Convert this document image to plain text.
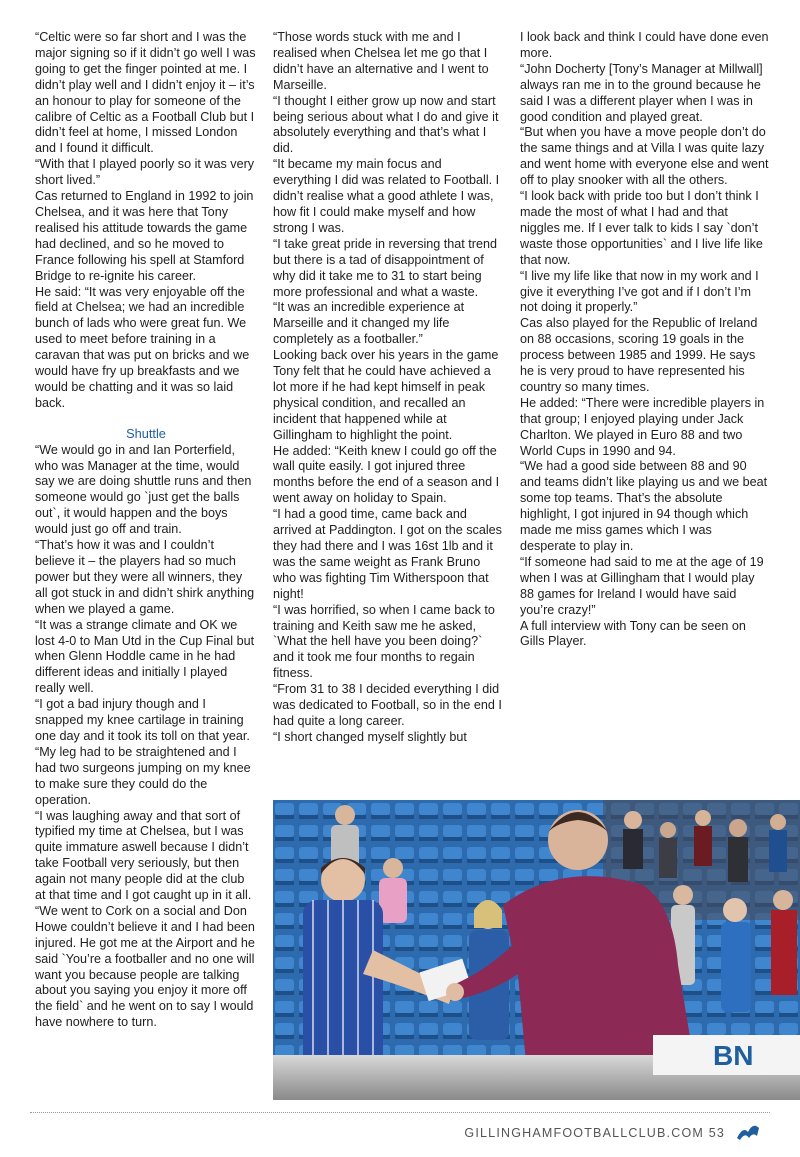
“Celtic were so far short and I was the major signing so if it didn’t go well I was going to get the finger pointed at me. I didn’t play well and I didn’t enjoy it – it’s an honour to play for someone of the calibre of Celtic as a Football Club but I didn’t feel at home, I missed London and I found it difficult.

“With that I played poorly so it was very short lived.”

Cas returned to England in 1992 to join Chelsea, and it was here that Tony realised his attitude towards the game had declined, and so he moved to France following his spell at Stamford Bridge to re-ignite his career.

He said: “It was very enjoyable off the field at Chelsea; we had an incredible bunch of lads who were great fun. We used to meet before training in a caravan that was put on bricks and we would have fry up breakfasts and we would be chatting and it was so laid back.

Shuttle

“We would go in and Ian Porterfield, who was Manager at the time, would say we are doing shuttle runs and then someone would go `just get the balls out`, it would happen and the boys would just go off and train.

“That’s how it was and I couldn’t believe it – the players had so much power but they were all winners, they all got stuck in and didn’t shirk anything when we played a game.

“It was a strange climate and OK we lost 4-0 to Man Utd in the Cup Final but when Glenn Hoddle came in he had different ideas and initially I played really well.

“I got a bad injury though and I snapped my knee cartilage in training one day and it took its toll on that year.

“My leg had to be straightened and I had two surgeons jumping on my knee to make sure they could do the operation.

“I was laughing away and that sort of typified my time at Chelsea, but I was quite immature aswell because I didn’t take Football very seriously, but then again not many people did at the club at that time and I got caught up in it all.

“We went to Cork on a social and Don Howe couldn’t believe it and I had been injured. He got me at the Airport and he said `You’re a footballer and no one will want you because people are talking about you saying you enjoy it more off the field` and he went on to say I would have nowhere to turn.

“Those words stuck with me and I realised when Chelsea let me go that I didn’t have an alternative and I went to Marseille.

“I thought I either grow up now and start being serious about what I do and give it absolutely everything and that’s what I did.

“It became my main focus and everything I did was related to Football. I didn’t realise what a good athlete I was, how fit I could make myself and how strong I was.

“I take great pride in reversing that trend but there is a tad of disappointment of why did it take me to 31 to start being more professional and what a waste.

“It was an incredible experience at Marseille and it changed my life completely as a footballer.”

Looking back over his years in the game Tony felt that he could have achieved a lot more if he had kept himself in peak physical condition, and recalled an incident that happened while at Gillingham to highlight the point.

He added: “Keith knew I could go off the wall quite easily. I got injured three months before the end of a season and I went away on holiday to Spain.

“I had a good time, came back and arrived at Paddington. I got on the scales they had there and I was 16st 1lb and it was the same weight as Frank Bruno who was fighting Tim Witherspoon that night!

“I was horrified, so when I came back to training and Keith saw me he asked, `What the hell have you been doing?` and it took me four months to regain fitness.

“From 31 to 38 I decided everything I did was dedicated to Football, so in the end I had quite a long career.

“I short changed myself slightly but

I look back and think I could have done even more.

“John Docherty [Tony’s Manager at Millwall] always ran me in to the ground because he said I was a different player when I was in good condition and played great.

“But when you have a move people don’t do the same things and at Villa I was quite lazy and went home with everyone else and went off to play snooker with all the others.

“I look back with pride too but I don’t think I made the most of what I had and that niggles me. If I ever talk to kids I say `don’t waste those opportunities` and I live life like that now.

“I live my life like that now in my work and I give it everything I’ve got and if I don’t I’m not doing it properly.”

Cas also played for the Republic of Ireland on 88 occasions, scoring 19 goals in the process between 1985 and 1999. He says he is very proud to have represented his country so many times.

He added: “There were incredible players in that group; I enjoyed playing under Jack Charlton. We played in Euro 88 and two World Cups in 1990 and 94.

“We had a good side between 88 and 90 and teams didn’t like playing us and we beat some top teams. That’s the absolute highlight, I got injured in 94 though which made me miss games which I was desperate to play in.

“If someone had said to me at the age of 19 when I was at Gillingham that I would play 88 games for Ireland I would have said you’re crazy!”

A full interview with Tony can be seen on Gills Player.

BN
GILLINGHAMFOOTBALLCLUB.COM 53
